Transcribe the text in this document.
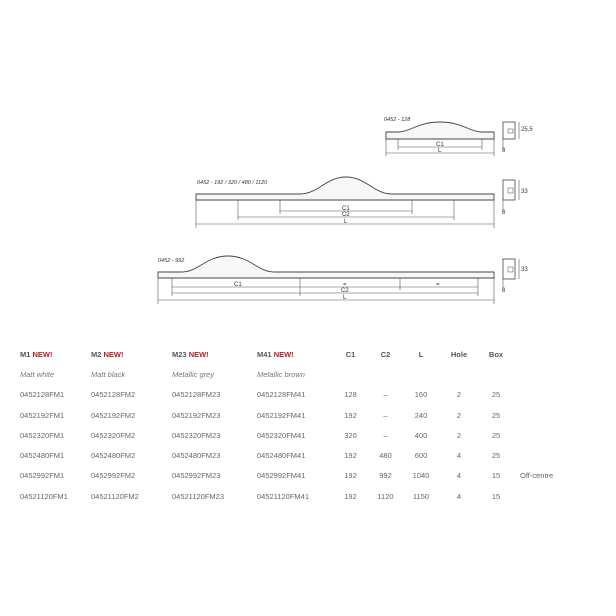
0452 - 128
C1
L
25,5
8
0452 - 192 / 320 / 480 / 1120
C1
C2
L
33
8
0452 - 992
C1	=	=
C2
L
33
8
M1 NEW!	M2 NEW!	M23 NEW!	M41 NEW!	C1	C2	L	Hole	Box	
Matt white	Matt black	Metallic grey	Metallic brown						
0452128FM1	0452128FM2	0452128FM23	0452128FM41	128	–	160	2	25	
0452192FM1	0452192FM2	0452192FM23	0452192FM41	192	–	240	2	25	
0452320FM1	0452320FM2	0452320FM23	0452320FM41	320	–	400	2	25	
0452480FM1	0452480FM2	0452480FM23	0452480FM41	192	480	600	4	25	
0452992FM1	0452992FM2	0452992FM23	0452992FM41	192	992	1040	4	15	Off-centre
04521120FM1	04521120FM2	04521120FM23	04521120FM41	192	1120	1150	4	15	
